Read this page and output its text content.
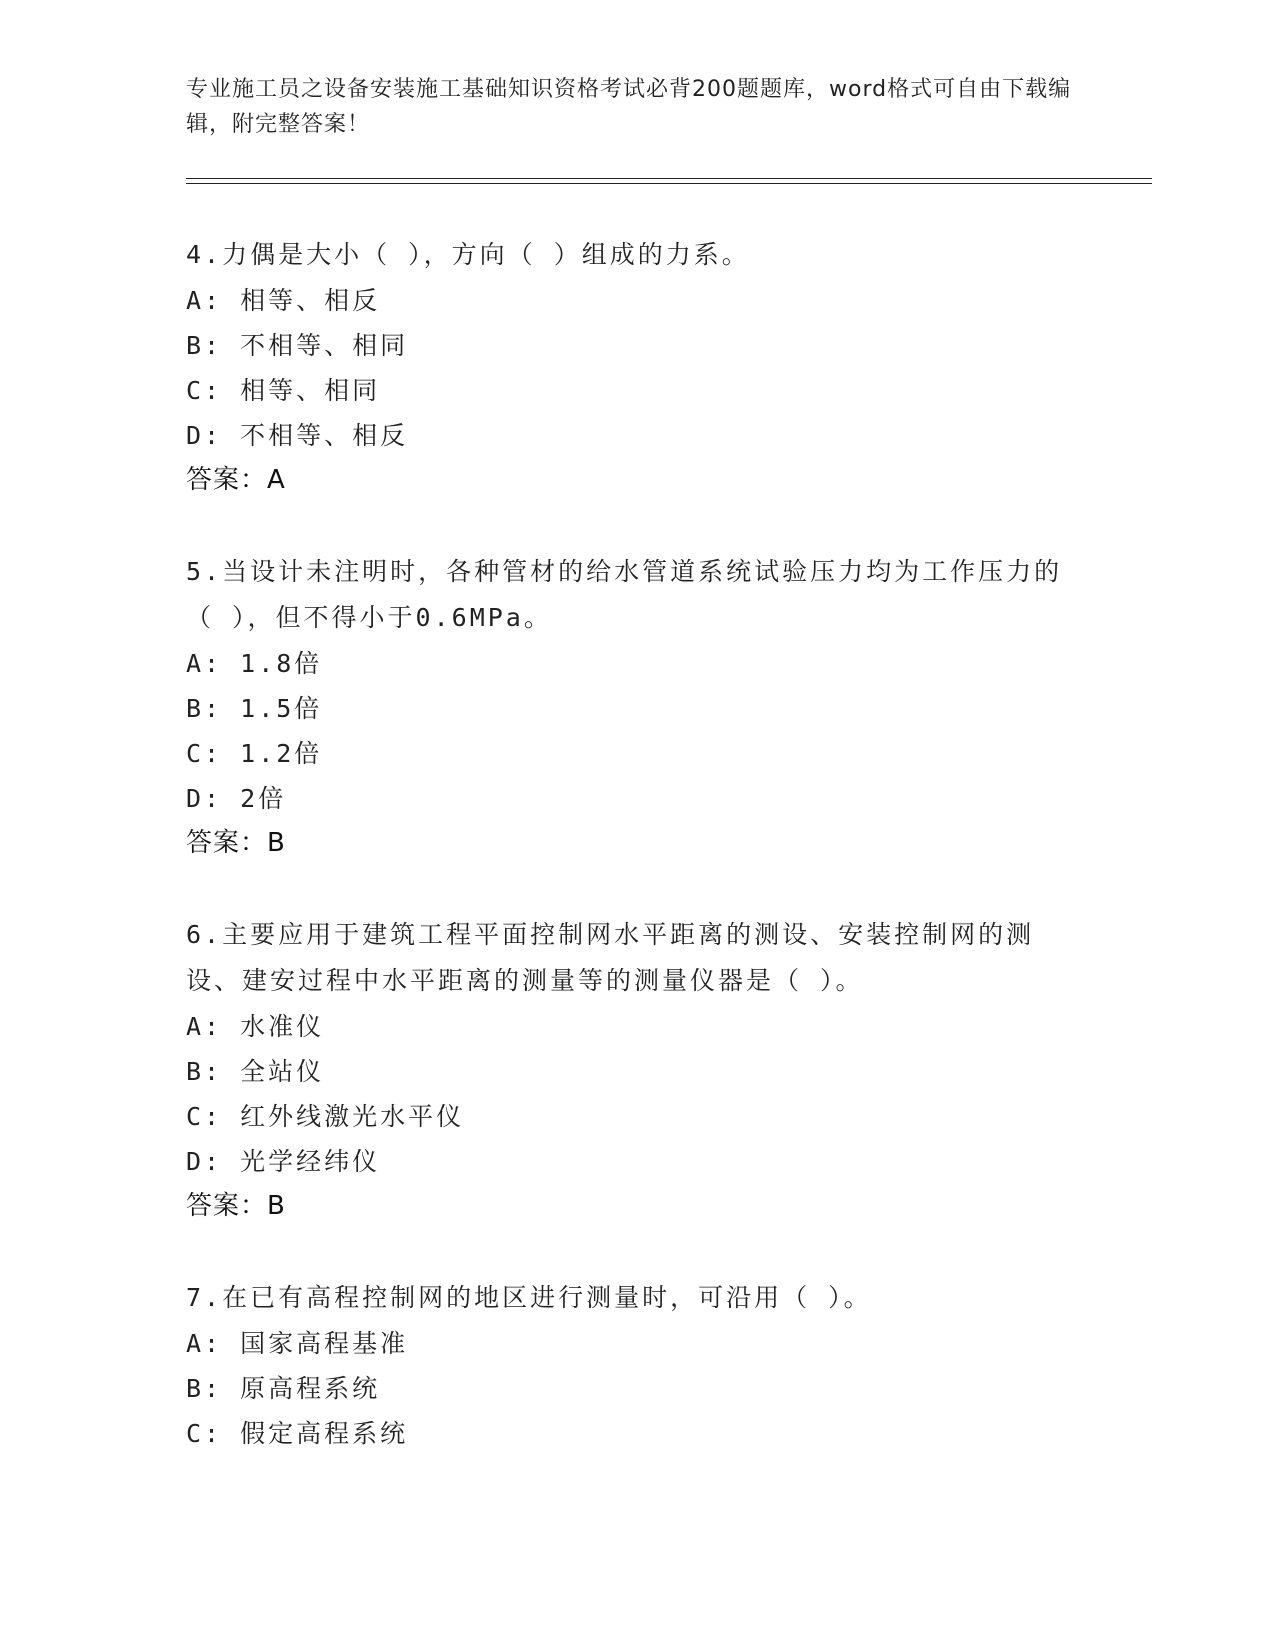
专业施工员之设备安装施工基础知识资格考试必背200题题库，word格式可自由下载编辑，附完整答案！
4.力偶是大小（ ），方向（ ）组成的力系。
A: 相等、相反
B: 不相等、相同
C: 相等、相同
D: 不相等、相反
答案：A
5.当设计未注明时，各种管材的给水管道系统试验压力均为工作压力的（ ），但不得小于0.6MPa。
A: 1.8倍
B: 1.5倍
C: 1.2倍
D: 2倍
答案：B
6.主要应用于建筑工程平面控制网水平距离的测设、安装控制网的测设、建安过程中水平距离的测量等的测量仪器是（ ）。
A: 水准仪
B: 全站仪
C: 红外线激光水平仪
D: 光学经纬仪
答案：B
7.在已有高程控制网的地区进行测量时，可沿用（ ）。
A: 国家高程基准
B: 原高程系统
C: 假定高程系统
